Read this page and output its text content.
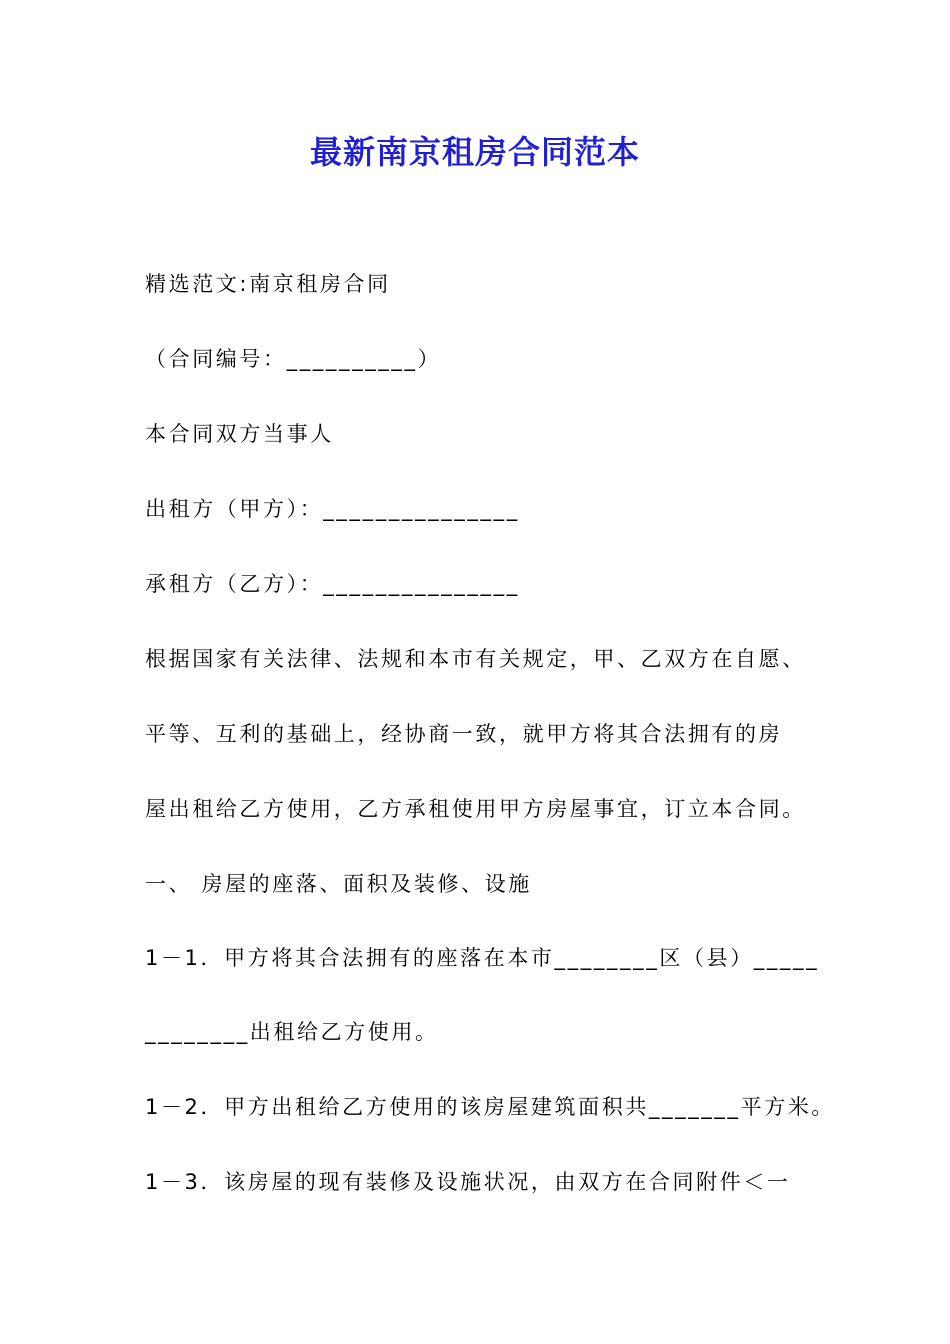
最新南京租房合同范本
精选范文:南京租房合同
（合同编号：__________）
本合同双方当事人
出租方（甲方）：_______________
承租方（乙方）：_______________
根据国家有关法律、法规和本市有关规定，甲、乙双方在自愿、
平等、互利的基础上，经协商一致，就甲方将其合法拥有的房
屋出租给乙方使用，乙方承租使用甲方房屋事宜，订立本合同。
一、 房屋的座落、面积及装修、设施
1－1．甲方将其合法拥有的座落在本市________区（县）_____
________出租给乙方使用。
1－2．甲方出租给乙方使用的该房屋建筑面积共_______平方米。
1－3．该房屋的现有装修及设施状况，由双方在合同附件＜一
